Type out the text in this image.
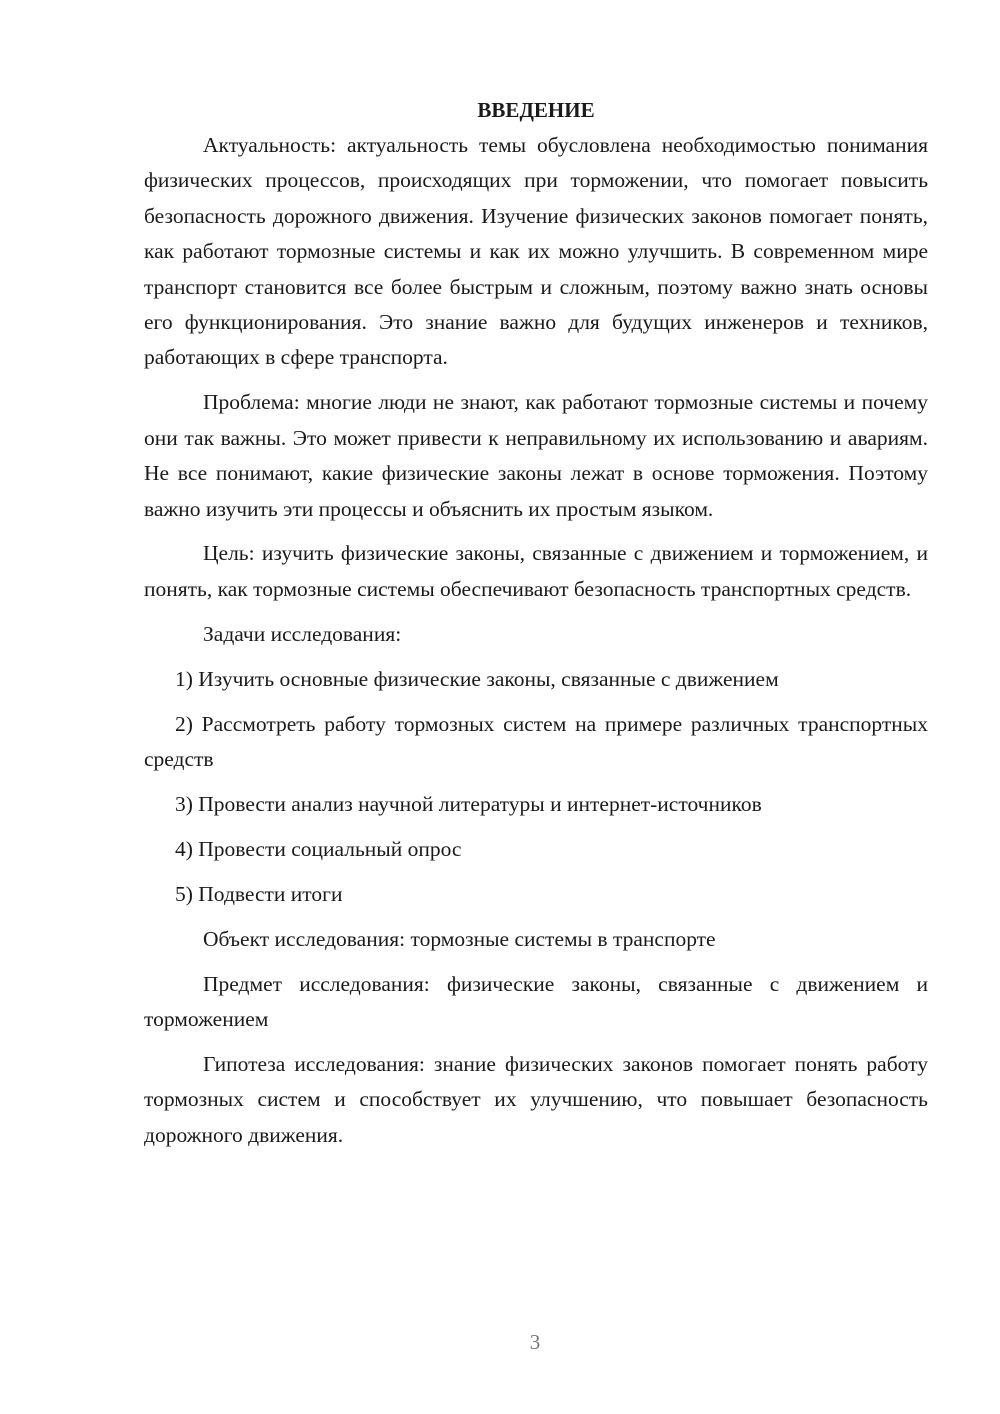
ВВЕДЕНИЕ

Актуальность: актуальность темы обусловлена необходимостью понимания физических процессов, происходящих при торможении, что помогает повысить безопасность дорожного движения. Изучение физических законов помогает понять, как работают тормозные системы и как их можно улучшить. В современном мире транспорт становится все более быстрым и сложным, поэтому важно знать основы его функционирования. Это знание важно для будущих инженеров и техников, работающих в сфере транспорта.

Проблема: многие люди не знают, как работают тормозные системы и почему они так важны. Это может привести к неправильному их использованию и авариям. Не все понимают, какие физические законы лежат в основе торможения. Поэтому важно изучить эти процессы и объяснить их простым языком.

Цель: изучить физические законы, связанные с движением и торможением, и понять, как тормозные системы обеспечивают безопасность транспортных средств.

Задачи исследования:

1) Изучить основные физические законы, связанные с движением

2) Рассмотреть работу тормозных систем на примере различных транспортных средств

3) Провести анализ научной литературы и интернет-источников

4) Провести социальный опрос

5) Подвести итоги

Объект исследования: тормозные системы в транспорте

Предмет исследования: физические законы, связанные с движением и торможением

Гипотеза исследования: знание физических законов помогает понять работу тормозных систем и способствует их улучшению, что повышает безопасность дорожного движения.

3
